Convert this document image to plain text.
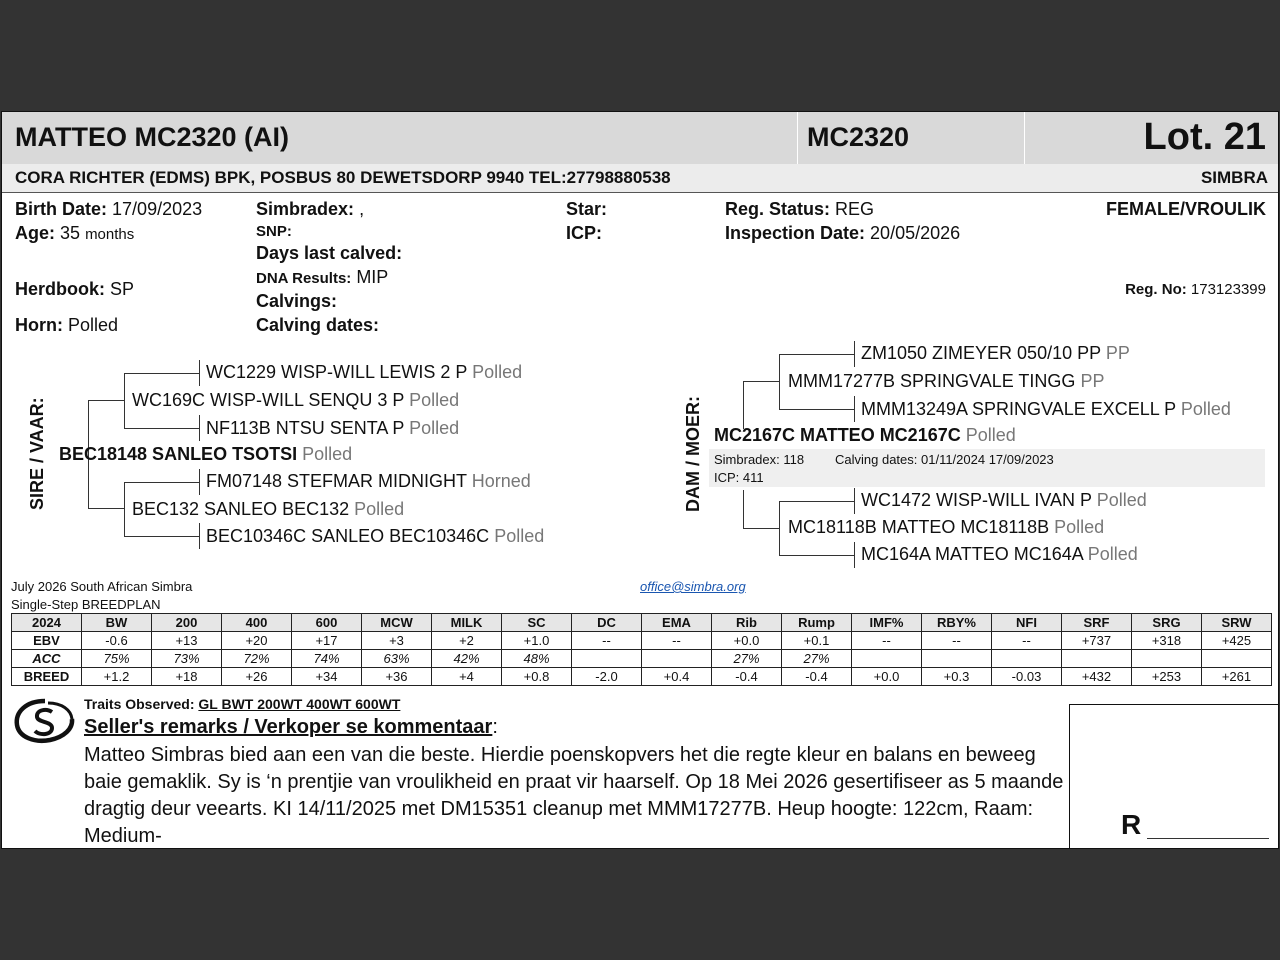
MATTEO MC2320 (AI)	MC2320	Lot. 21
CORA RICHTER (EDMS) BPK, POSBUS 80 DEWETSDORP 9940 TEL:27798880538	SIMBRA
Birth Date: 17/09/2023
Age: 35 months
Herdbook: SP
Horn: Polled
Simbradex: ,
SNP:
Days last calved:
DNA Results: MIP
Calvings:
Calving dates:
Star:
ICP:
Reg. Status: REG
Inspection Date: 20/05/2026
FEMALE/VROULIK
Reg. No: 173123399
SIRE / VAAR:
WC1229 WISP-WILL LEWIS 2 P Polled
WC169C WISP-WILL SENQU 3 P Polled
NF113B NTSU SENTA P Polled
BEC18148 SANLEO TSOTSI Polled
FM07148 STEFMAR MIDNIGHT Horned
BEC132 SANLEO BEC132 Polled
BEC10346C SANLEO BEC10346C Polled
DAM / MOER: Simbradex: 118 Calving dates: 01/11/2024 17/09/2023
ICP: 411
ZM1050 ZIMEYER 050/10 PP PP
MMM17277B SPRINGVALE TINGG PP
MMM13249A SPRINGVALE EXCELL P Polled
MC2167C MATTEO MC2167C Polled
WC1472 WISP-WILL IVAN P Polled
MC18118B MATTEO MC18118B Polled
MC164A MATTEO MC164A Polled
July 2026 South African Simbra
Single-Step BREEDPLAN
office@simbra.org
2024	BW	200	400	600	MCW	MILK	SC	DC	EMA	Rib	Rump	IMF%	RBY%	NFI	SRF	SRG	SRW
EBV	-0.6	+13	+20	+17	+3	+2	+1.0	--	--	+0.0	+0.1	--	--	--	+737	+318	+425
ACC	75%	73%	72%	74%	63%	42%	48%			27%	27%						
BREED	+1.2	+18	+26	+34	+36	+4	+0.8	-2.0	+0.4	-0.4	-0.4	+0.0	+0.3	-0.03	+432	+253	+261
Traits Observed: GL BWT 200WT 400WT 600WT
Seller's remarks / Verkoper se kommentaar:
Matteo Simbras bied aan een van die beste. Hierdie poenskopvers het die regte kleur en balans en beweeg baie gemaklik. Sy is ‘n prentjie van vroulikheid en praat vir haarself. Op 18 Mei 2026 gesertifiseer as 5 maande dragtig deur veearts. KI 14/11/2025 met DM15351 cleanup met MMM17277B. Heup hoogte: 122cm, Raam: Medium-	R
